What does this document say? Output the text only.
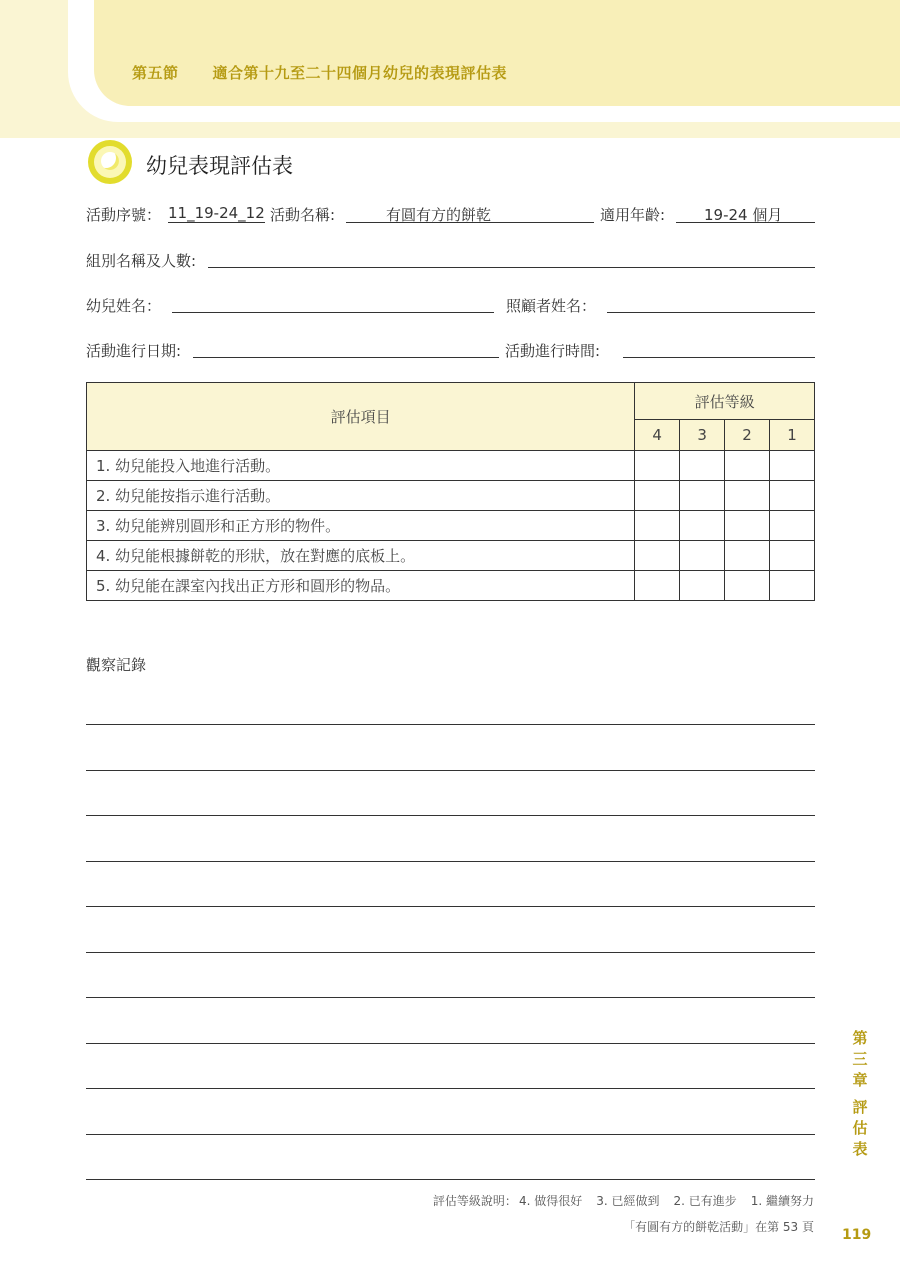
第五節 適合第十九至二十四個月幼兒的表現評估表
幼兒表現評估表
活動序號： 11_19-24_12 活動名稱:	有圓有方的餅乾	適用年齡:	19-24 個月
組別名稱及人數:
幼兒姓名：	照顧者姓名：
活動進行日期:	活動進行時間:
評估項目	評估等級			
	4	3	2	1
1. 幼兒能投入地進行活動。				
2. 幼兒能按指示進行活動。				
3. 幼兒能辨別圓形和正方形的物件。				
4. 幼兒能根據餅乾的形狀，放在對應的底板上。				
5. 幼兒能在課室內找出正方形和圓形的物品。				
觀察記錄
第三章
評估表
評估等級說明： 4. 做得很好 3. 已經做到 2. 已有進步 1. 繼續努力
「有圓有方的餅乾活動」在第 53 頁 119
